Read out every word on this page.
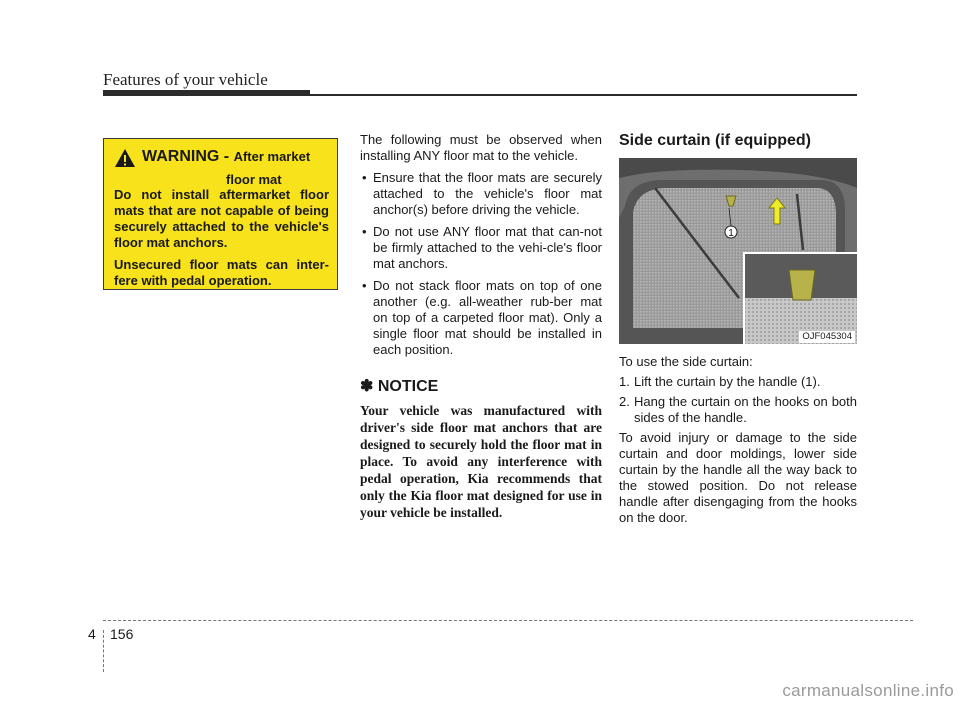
Features of your vehicle
WARNING - After market
floor mat

Do not install aftermarket floor mats that are not capable of being securely attached to the vehicle's floor mat anchors.

Unsecured floor mats can inter-fere with pedal operation.

The following must be observed when installing ANY floor mat to the vehicle.

• Ensure that the floor mats are securely attached to the vehicle's floor mat anchor(s) before driving the vehicle.
• Do not use ANY floor mat that can-not be firmly attached to the vehi-cle's floor mat anchors.
• Do not stack floor mats on top of one another (e.g. all-weather rub-ber mat on top of a carpeted floor mat). Only a single floor mat should be installed in each position.
✽ NOTICE

Your vehicle was manufactured with driver's side floor mat anchors that are designed to securely hold the floor mat in place. To avoid any interference with pedal operation, Kia recommends that only the Kia floor mat designed for use in your vehicle be installed.

Side curtain (if equipped)
1
OJF045304

To use the side curtain:

1. Lift the curtain by the handle (1).
2. Hang the curtain on the hooks on both sides of the handle.

To avoid injury or damage to the side curtain and door moldings, lower side curtain by the handle all the way back to the stowed position. Do not release handle after disengaging from the hooks on the door.

4 156
carmanualsonline.info
